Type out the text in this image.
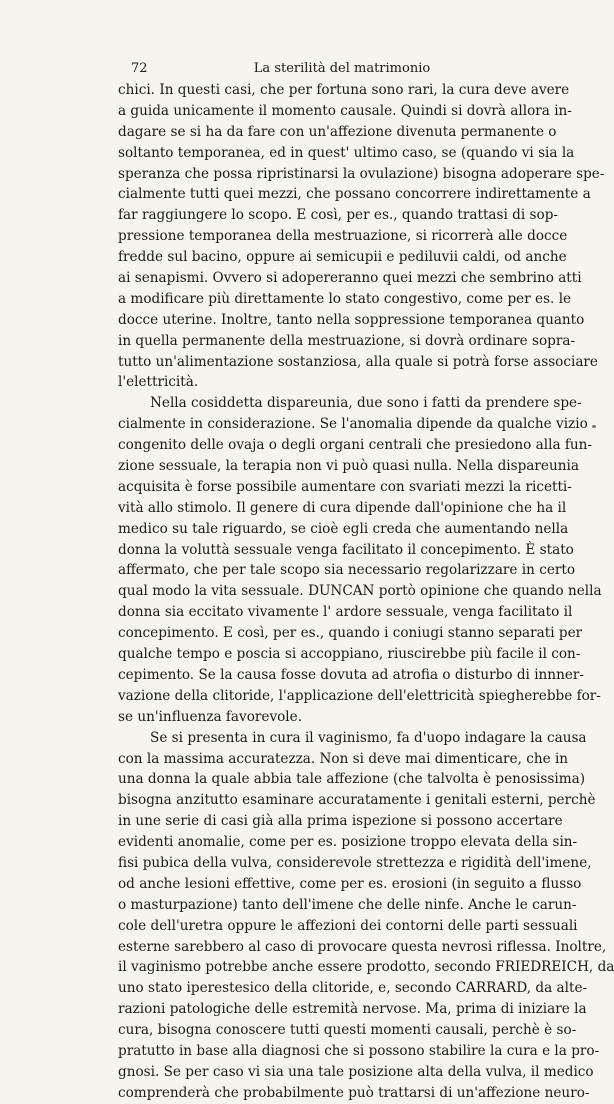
72	La sterilità del matrimonio
chici. In questi casi, che per fortuna sono rari, la cura deve avere
a guida unicamente il momento causale. Quindi si dovrà allora in-
dagare se si ha da fare con un'affezione divenuta permanente o
soltanto temporanea, ed in quest' ultimo caso, se (quando vi sia la
speranza che possa ripristinarsi la ovulazione) bisogna adoperare spe-
cialmente tutti quei mezzi, che possano concorrere indirettamente a
far raggiungere lo scopo. E così, per es., quando trattasi di sop-
pressione temporanea della mestruazione, si ricorrerà alle docce
fredde sul bacino, oppure ai semicupii e pediluvii caldi, od anche
ai senapismi. Ovvero si adopereranno quei mezzi che sembrino atti
a modificare più direttamente lo stato congestivo, come per es. le
docce uterine. Inoltre, tanto nella soppressione temporanea quanto
in quella permanente della mestruazione, si dovrà ordinare sopra-
tutto un'alimentazione sostanziosa, alla quale si potrà forse associare
l'elettricità.
Nella cosiddetta dispareunia, due sono i fatti da prendere spe-
cialmente in considerazione. Se l'anomalia dipende da qualche vizio
congenito delle ovaja o degli organi centrali che presiedono alla fun-
zione sessuale, la terapia non vi può quasi nulla. Nella dispareunia
acquisita è forse possibile aumentare con svariati mezzi la ricetti-
vità allo stimolo. Il genere di cura dipende dall'opinione che ha il
medico su tale riguardo, se cioè egli creda che aumentando nella
donna la voluttà sessuale venga facilitato il concepimento. È stato
affermato, che per tale scopo sia necessario regolarizzare in certo
qual modo la vita sessuale. DUNCAN portò opinione che quando nella
donna sia eccitato vivamente l' ardore sessuale, venga facilitato il
concepimento. E così, per es., quando i coniugi stanno separati per
qualche tempo e poscia si accoppiano, riuscirebbe più facile il con-
cepimento. Se la causa fosse dovuta ad atrofia o disturbo di innner-
vazione della clitoride, l'applicazione dell'elettricità spiegherebbe for-
se un'influenza favorevole.
Se si presenta in cura il vaginismo, fa d'uopo indagare la causa
con la massima accuratezza. Non si deve mai dimenticare, che in
una donna la quale abbia tale affezione (che talvolta è penosissima)
bisogna anzitutto esaminare accuratamente i genitali esterni, perchè
in une serie di casi già alla prima ispezione si possono accertare
evidenti anomalie, come per es. posizione troppo elevata della sin-
fisi pubica della vulva, considerevole strettezza e rigidità dell'imene,
od anche lesioni effettive, come per es. erosioni (in seguito a flusso
o masturpazione) tanto dell'imene che delle ninfe. Anche le carun-
cole dell'uretra oppure le affezioni dei contorni delle parti sessuali
esterne sarebbero al caso di provocare questa nevrosi riflessa. Inoltre,
il vaginismo potrebbe anche essere prodotto, secondo FRIEDREICH, da
uno stato iperestesico della clitoride, e, secondo CARRARD, da alte-
razioni patologiche delle estremità nervose. Ma, prima di iniziare la
cura, bisogna conoscere tutti questi momenti causali, perchè è so-
pratutto in base alla diagnosi che si possono stabilire la cura e la pro-
gnosi. Se per caso vi sia una tale posizione alta della vulva, il medico
comprenderà che probabilmente può trattarsi di un'affezione neuro-
